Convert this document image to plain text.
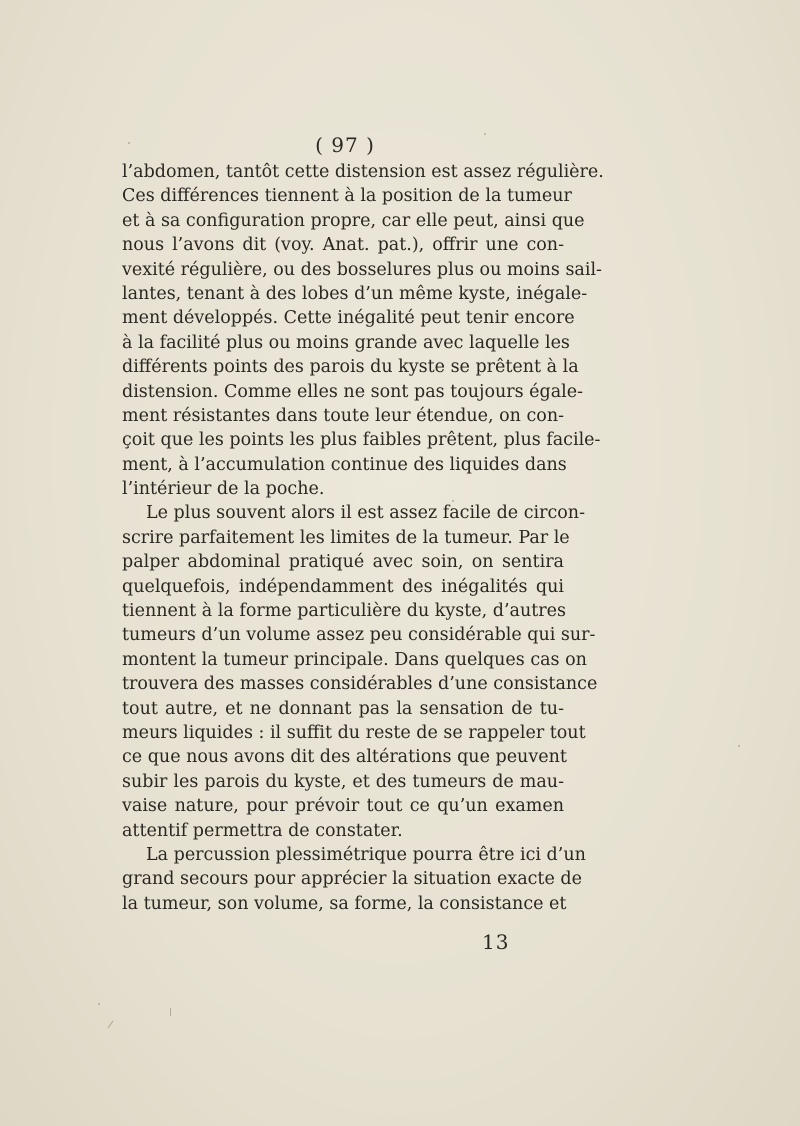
( 97 )
l’abdomen, tantôt cette distension est assez régulière.
Ces différences tiennent à la position de la tumeur
et à sa configuration propre, car elle peut, ainsi que
nous l’avons dit (voy. Anat. pat.), offrir une con-
vexité régulière, ou des bosselures plus ou moins sail-
lantes, tenant à des lobes d’un même kyste, inégale-
ment développés. Cette inégalité peut tenir encore
à la facilité plus ou moins grande avec laquelle les
différents points des parois du kyste se prêtent à la
distension. Comme elles ne sont pas toujours égale-
ment résistantes dans toute leur étendue, on con-
çoit que les points les plus faibles prêtent, plus facile-
ment, à l’accumulation continue des liquides dans
l’intérieur de la poche.
Le plus souvent alors il est assez facile de circon-
scrire parfaitement les limites de la tumeur. Par le
palper abdominal pratiqué avec soin, on sentira
quelquefois, indépendamment des inégalités qui
tiennent à la forme particulière du kyste, d’autres
tumeurs d’un volume assez peu considérable qui sur-
montent la tumeur principale. Dans quelques cas on
trouvera des masses considérables d’une consistance
tout autre, et ne donnant pas la sensation de tu-
meurs liquides : il suffit du reste de se rappeler tout
ce que nous avons dit des altérations que peuvent
subir les parois du kyste, et des tumeurs de mau-
vaise nature, pour prévoir tout ce qu’un examen
attentif permettra de constater.
La percussion plessimétrique pourra être ici d’un
grand secours pour apprécier la situation exacte de
la tumeur, son volume, sa forme, la consistance et
13
